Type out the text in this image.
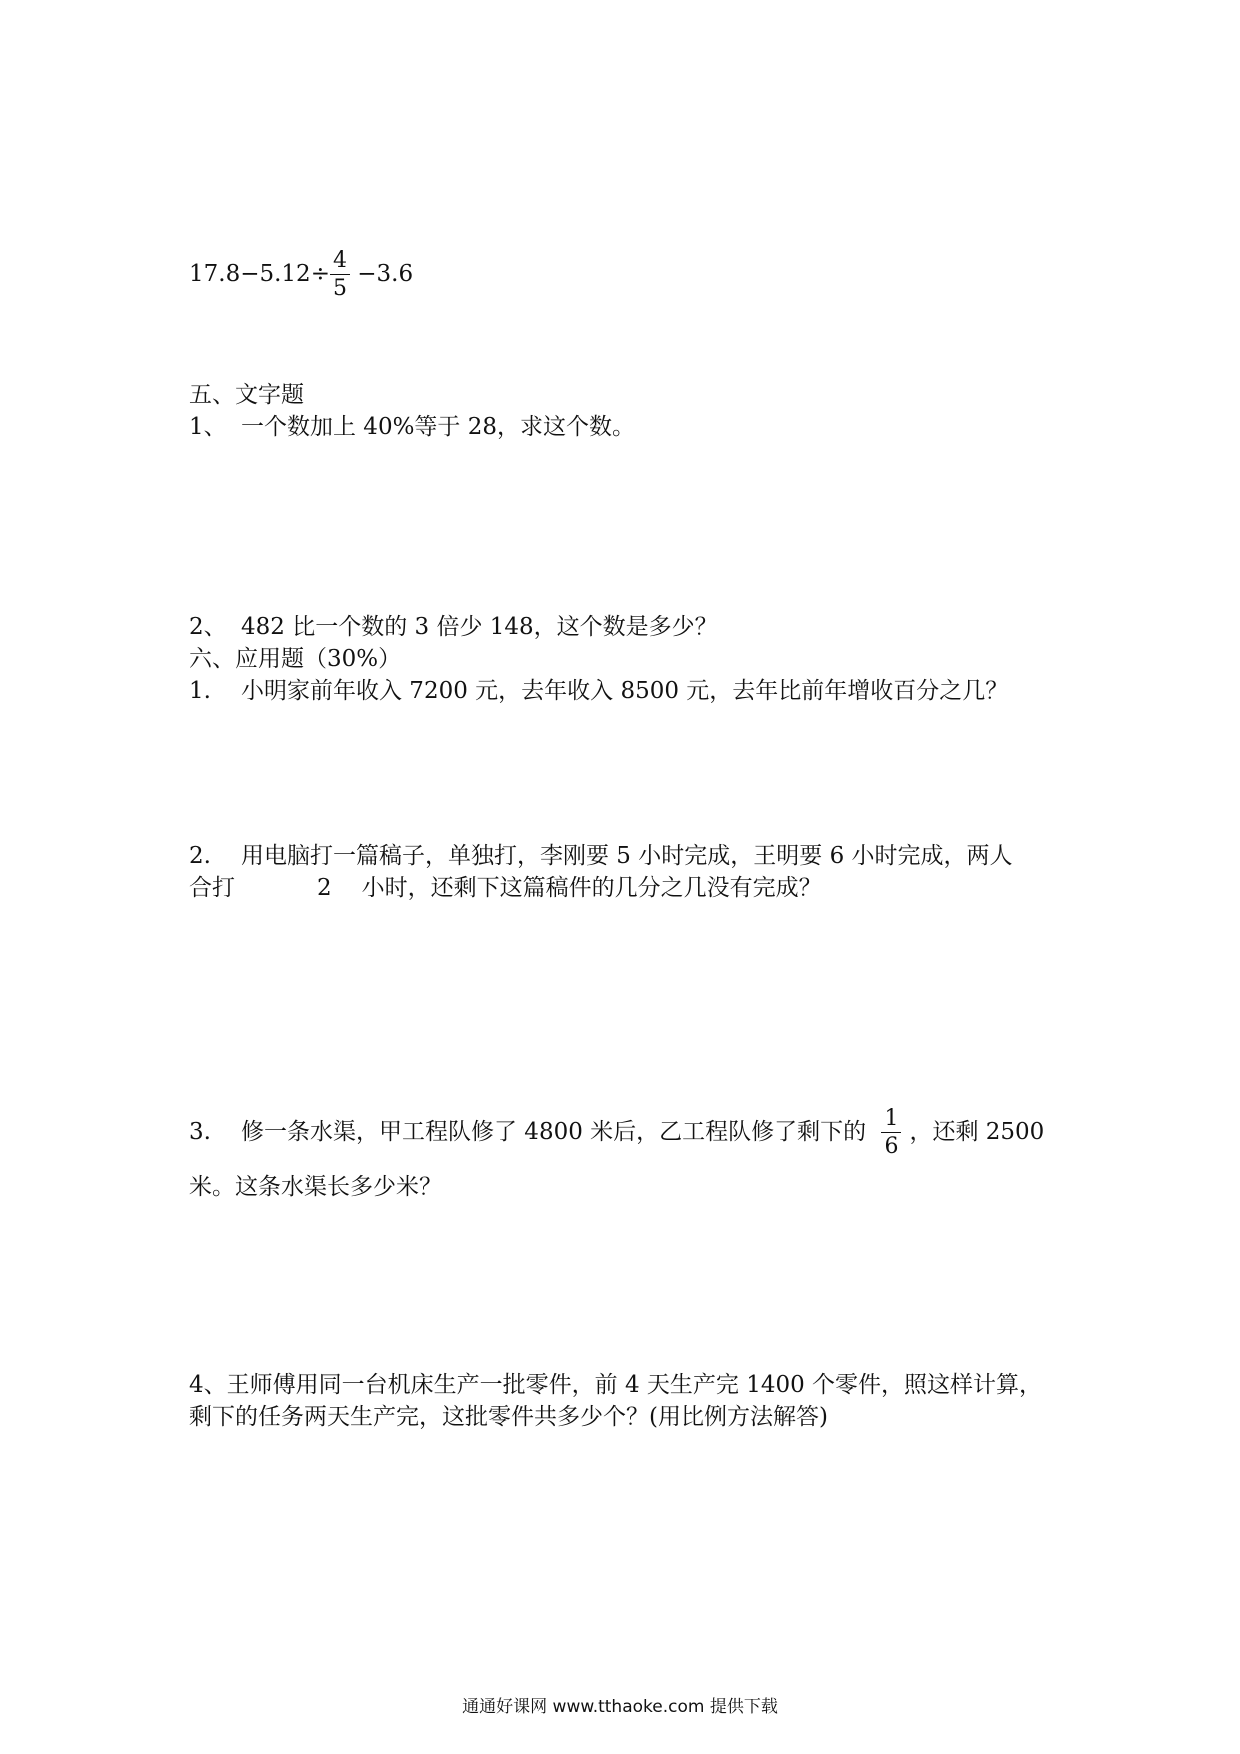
$17.8-5.12\div \frac{4}{5} -3.6$
五、文字题
1、 一个数加上 40%等于 28，求这个数。
2、 482 比一个数的 3 倍少 148，这个数是多少？
六、应用题（30%）
1. 小明家前年收入 7200 元，去年收入 8500 元，去年比前年增收百分之几？
2. 用电脑打一篇稿子，单独打，李刚要 5 小时完成，王明要 6 小时完成，两人
合打	2 小时，还剩下这篇稿件的几分之几没有完成？
3. 修一条水渠，甲工程队修了 4800 米后，乙工程队修了剩下的 $\frac{1}{6}$ ，还剩 2500
米。这条水渠长多少米？
4、王师傅用同一台机床生产一批零件，前 4 天生产完 1400 个零件，照这样计算，
剩下的任务两天生产完，这批零件共多少个？(用比例方法解答)
通通好课网 www.tthaoke.com 提供下载
